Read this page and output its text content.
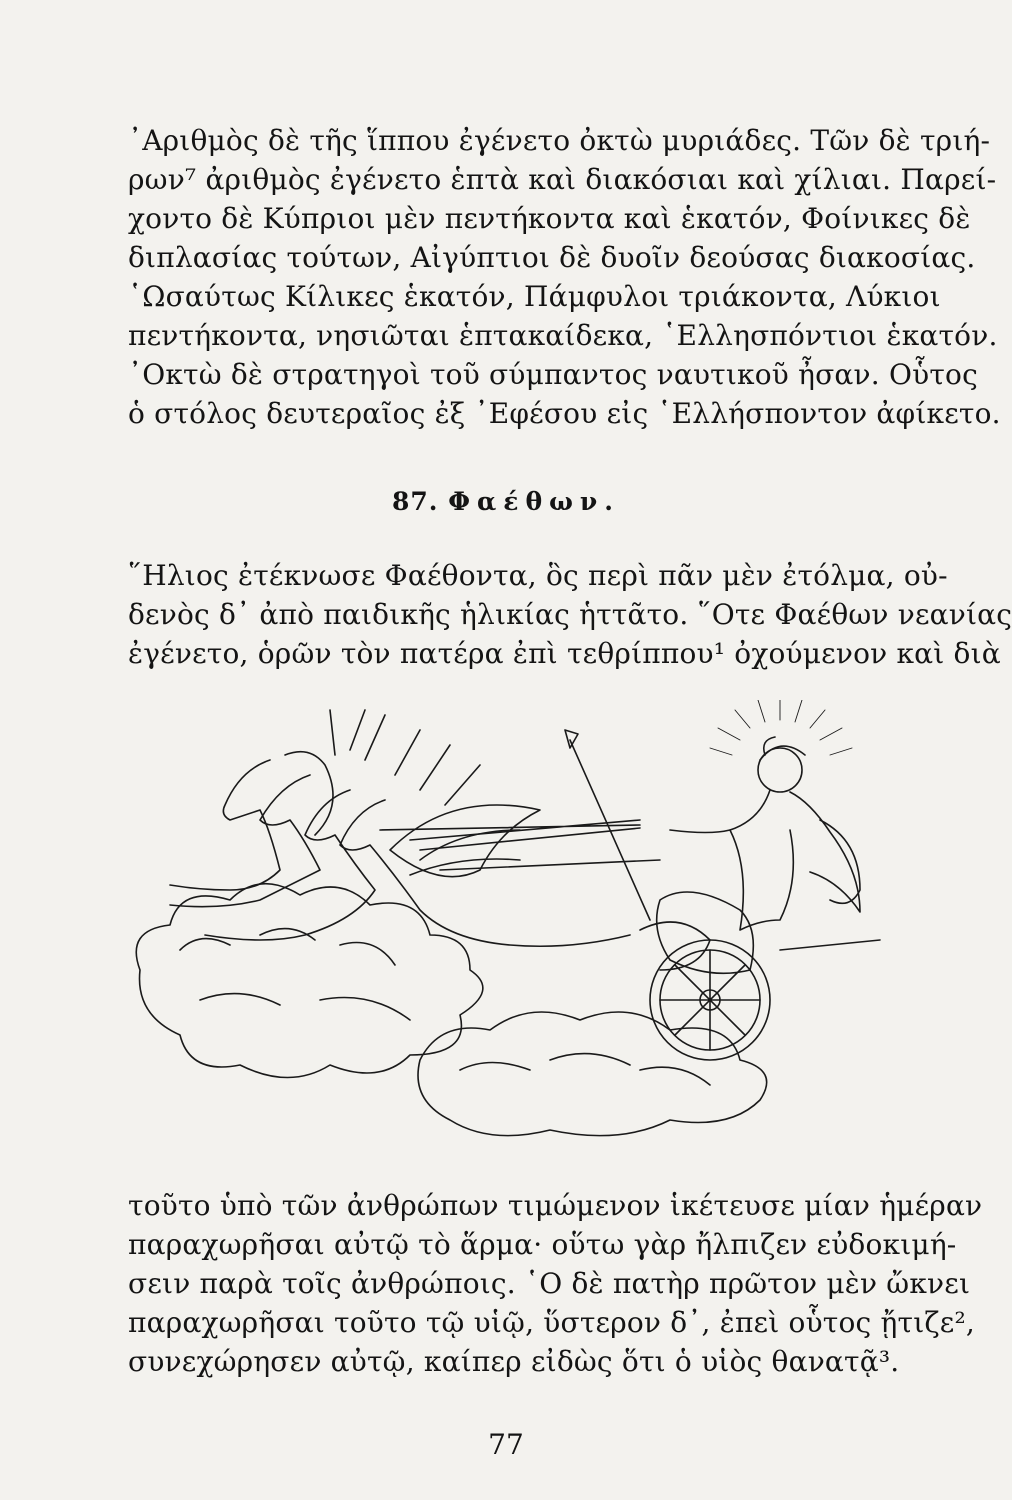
᾿Αριθμὸς δὲ τῆς ἵππου ἐγένετο ὀκτὼ μυριάδες. Τῶν δὲ τριή-
ρων⁷ ἀριθμὸς ἐγένετο ἑπτὰ καὶ διακόσιαι καὶ χίλιαι. Παρεί-
χοντο δὲ Κύπριοι μὲν πεντήκοντα καὶ ἑκατόν, Φοίνικες δὲ
διπλασίας τούτων, Αἰγύπτιοι δὲ δυοῖν δεούσας διακοσίας.
῾Ωσαύτως Κίλικες ἑκατόν, Πάμφυλοι τριάκοντα, Λύκιοι
πεντήκοντα, νησιῶται ἑπτακαίδεκα, ῾Ελλησπόντιοι ἑκατόν.
᾿Οκτὼ δὲ στρατηγοὶ τοῦ σύμπαντος ναυτικοῦ ἦσαν. Οὗτος
ὁ στόλος δευτεραῖος ἐξ ᾿Εφέσου εἰς ῾Ελλήσποντον ἀφίκετο.
87. Φαέθων.
῞Ηλιος ἐτέκνωσε Φαέθοντα, ὃς περὶ πᾶν μὲν ἐτόλμα, οὐ-
δενὸς δ᾿ ἀπὸ παιδικῆς ἡλικίας ἡττᾶτο. ῞Οτε Φαέθων νεανίας
ἐγένετο, ὁρῶν τὸν πατέρα ἐπὶ τεθρίππου¹ ὀχούμενον καὶ διὰ
τοῦτο ὑπὸ τῶν ἀνθρώπων τιμώμενον ἱκέτευσε μίαν ἡμέραν
παραχωρῆσαι αὐτῷ τὸ ἅρμα· οὕτω γὰρ ἤλπιζεν εὐδοκιμή-
σειν παρὰ τοῖς ἀνθρώποις. ῾Ο δὲ πατὴρ πρῶτον μὲν ὤκνει
παραχωρῆσαι τοῦτο τῷ υἱῷ, ὕστερον δ᾿, ἐπεὶ οὗτος ᾔτιζε²,
συνεχώρησεν αὐτῷ, καίπερ εἰδὼς ὅτι ὁ υἱὸς θανατᾷ³.
77
